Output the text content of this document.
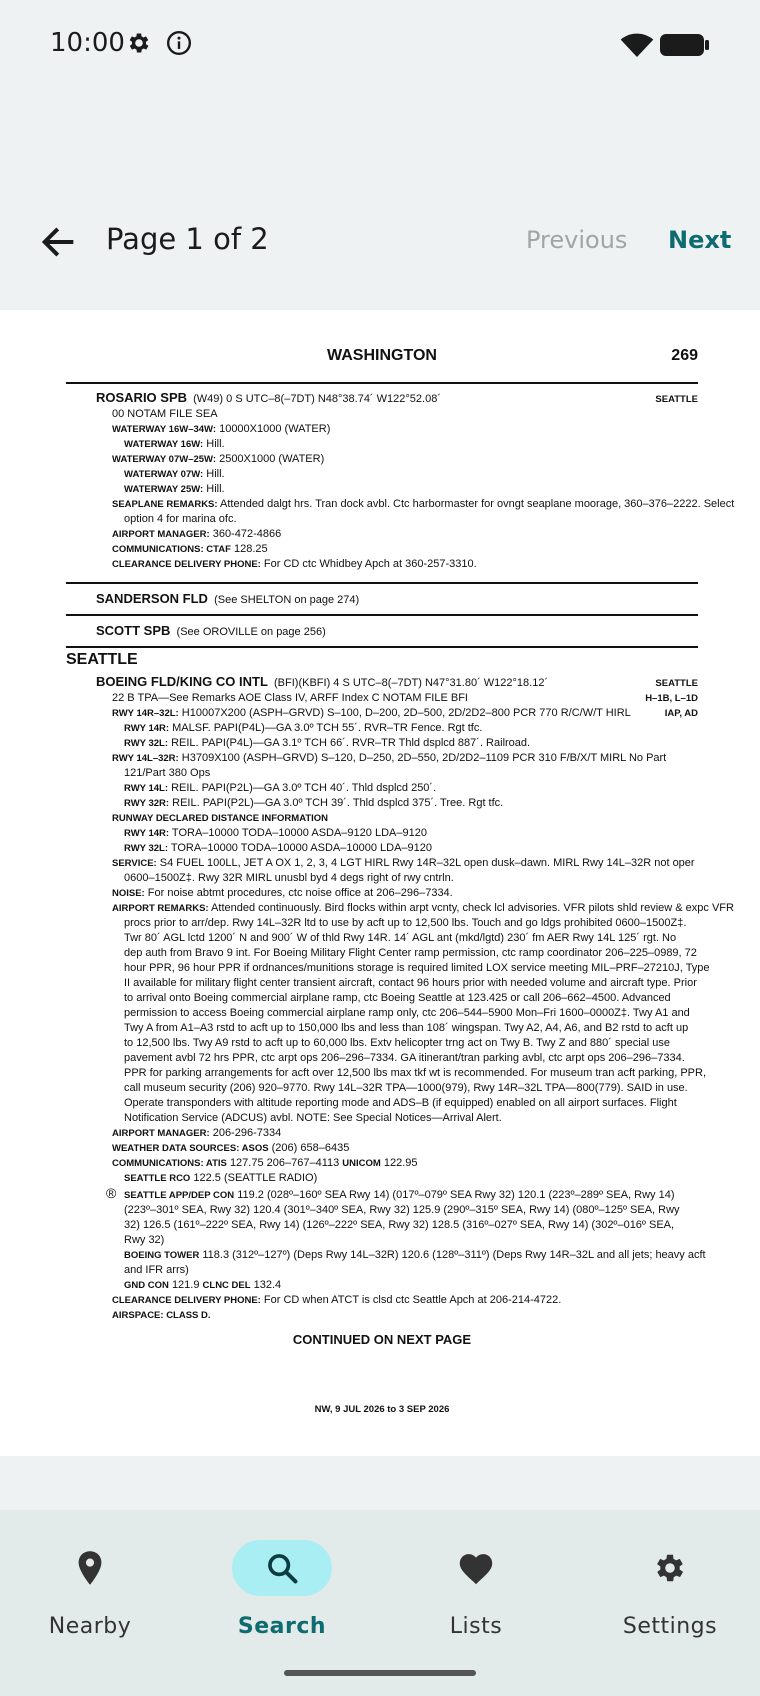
10:00
Page 1 of 2	Previous Next
WASHINGTON	269
ROSARIO SPB (W49) 0 S UTC–8(–7DT) N48°38.74´ W122°52.08´	SEATTLE
00 NOTAM FILE SEA
WATERWAY 16W–34W: 10000X1000 (WATER)
WATERWAY 16W: Hill.
WATERWAY 07W–25W: 2500X1000 (WATER)
WATERWAY 07W: Hill.
WATERWAY 25W: Hill.
SEAPLANE REMARKS: Attended dalgt hrs. Tran dock avbl. Ctc harbormaster for ovngt seaplane moorage, 360–376–2222. Select
option 4 for marina ofc.
AIRPORT MANAGER: 360-472-4866
COMMUNICATIONS: CTAF 128.25
CLEARANCE DELIVERY PHONE: For CD ctc Whidbey Apch at 360-257-3310.
SANDERSON FLD (See SHELTON on page 274)
SCOTT SPB (See OROVILLE on page 256)
SEATTLE
BOEING FLD/KING CO INTL (BFI)(KBFI) 4 S UTC–8(–7DT) N47°31.80´ W122°18.12´	SEATTLE
H–1B, L–1D
IAP, AD
22 B TPA—See Remarks AOE Class IV, ARFF Index C NOTAM FILE BFI
RWY 14R–32L: H10007X200 (ASPH–GRVD) S–100, D–200, 2D–500, 2D/2D2–800 PCR 770 R/C/W/T HIRL
RWY 14R: MALSF. PAPI(P4L)—GA 3.0º TCH 55´. RVR–TR Fence. Rgt tfc.
RWY 32L: REIL. PAPI(P4L)—GA 3.1º TCH 66´. RVR–TR Thld dsplcd 887´. Railroad.
RWY 14L–32R: H3709X100 (ASPH–GRVD) S–120, D–250, 2D–550, 2D/2D2–1109 PCR 310 F/B/X/T MIRL No Part
121/Part 380 Ops
RWY 14L: REIL. PAPI(P2L)—GA 3.0º TCH 40´. Thld dsplcd 250´.
RWY 32R: REIL. PAPI(P2L)—GA 3.0º TCH 39´. Thld dsplcd 375´. Tree. Rgt tfc.
RUNWAY DECLARED DISTANCE INFORMATION
RWY 14R: TORA–10000 TODA–10000 ASDA–9120 LDA–9120
RWY 32L: TORA–10000 TODA–10000 ASDA–10000 LDA–9120
SERVICE: S4 FUEL 100LL, JET A OX 1, 2, 3, 4 LGT HIRL Rwy 14R–32L open dusk–dawn. MIRL Rwy 14L–32R not oper
0600–1500Z‡. Rwy 32R MIRL unusbl byd 4 degs right of rwy cntrln.
NOISE: For noise abtmt procedures, ctc noise office at 206–296–7334.
AIRPORT REMARKS: Attended continuously. Bird flocks within arpt vcnty, check lcl advisories. VFR pilots shld review & expc VFR
procs prior to arr/dep. Rwy 14L–32R ltd to use by acft up to 12,500 lbs. Touch and go ldgs prohibited 0600–1500Z‡.
Twr 80´ AGL lctd 1200´ N and 900´ W of thld Rwy 14R. 14´ AGL ant (mkd/lgtd) 230´ fm AER Rwy 14L 125´ rgt. No
dep auth from Bravo 9 int. For Boeing Military Flight Center ramp permission, ctc ramp coordinator 206–225–0989, 72
hour PPR, 96 hour PPR if ordnances/munitions storage is required limited LOX service meeting MIL–PRF–27210J, Type
II available for military flight center transient aircraft, contact 96 hours prior with needed volume and aircraft type. Prior
to arrival onto Boeing commercial airplane ramp, ctc Boeing Seattle at 123.425 or call 206–662–4500. Advanced
permission to access Boeing commercial airplane ramp only, ctc 206–544–5900 Mon–Fri 1600–0000Z‡. Twy A1 and
Twy A from A1–A3 rstd to acft up to 150,000 lbs and less than 108´ wingspan. Twy A2, A4, A6, and B2 rstd to acft up
to 12,500 lbs. Twy A9 rstd to acft up to 60,000 lbs. Extv helicopter trng act on Twy B. Twy Z and 880´ special use
pavement avbl 72 hrs PPR, ctc arpt ops 206–296–7334. GA itinerant/tran parking avbl, ctc arpt ops 206–296–7334.
PPR for parking arrangements for acft over 12,500 lbs max tkf wt is recommended. For museum tran acft parking, PPR,
call museum security (206) 920–9770. Rwy 14L–32R TPA—1000(979), Rwy 14R–32L TPA—800(779). SAID in use.
Operate transponders with altitude reporting mode and ADS–B (if equipped) enabled on all airport surfaces. Flight
Notification Service (ADCUS) avbl. NOTE: See Special Notices—Arrival Alert.
AIRPORT MANAGER: 206-296-7334
WEATHER DATA SOURCES: ASOS (206) 658–6435
COMMUNICATIONS: ATIS 127.75 206–767–4113 UNICOM 122.95
SEATTLE RCO 122.5 (SEATTLE RADIO)
® SEATTLE APP/DEP CON 119.2 (028º–160º SEA Rwy 14) (017º–079º SEA Rwy 32) 120.1 (223º–289º SEA, Rwy 14)
(223º–301º SEA, Rwy 32) 120.4 (301º–340º SEA, Rwy 32) 125.9 (290º–315º SEA, Rwy 14) (080º–125º SEA, Rwy
32) 126.5 (161º–222º SEA, Rwy 14) (126º–222º SEA, Rwy 32) 128.5 (316º–027º SEA, Rwy 14) (302º–016º SEA,
Rwy 32)
BOEING TOWER 118.3 (312º–127º) (Deps Rwy 14L–32R) 120.6 (128º–311º) (Deps Rwy 14R–32L and all jets; heavy acft
and IFR arrs)
GND CON 121.9 CLNC DEL 132.4
CLEARANCE DELIVERY PHONE: For CD when ATCT is clsd ctc Seattle Apch at 206-214-4722.
AIRSPACE: CLASS D.
CONTINUED ON NEXT PAGE
NW, 9 JUL 2026 to 3 SEP 2026
Nearby	Search	Lists	Settings
